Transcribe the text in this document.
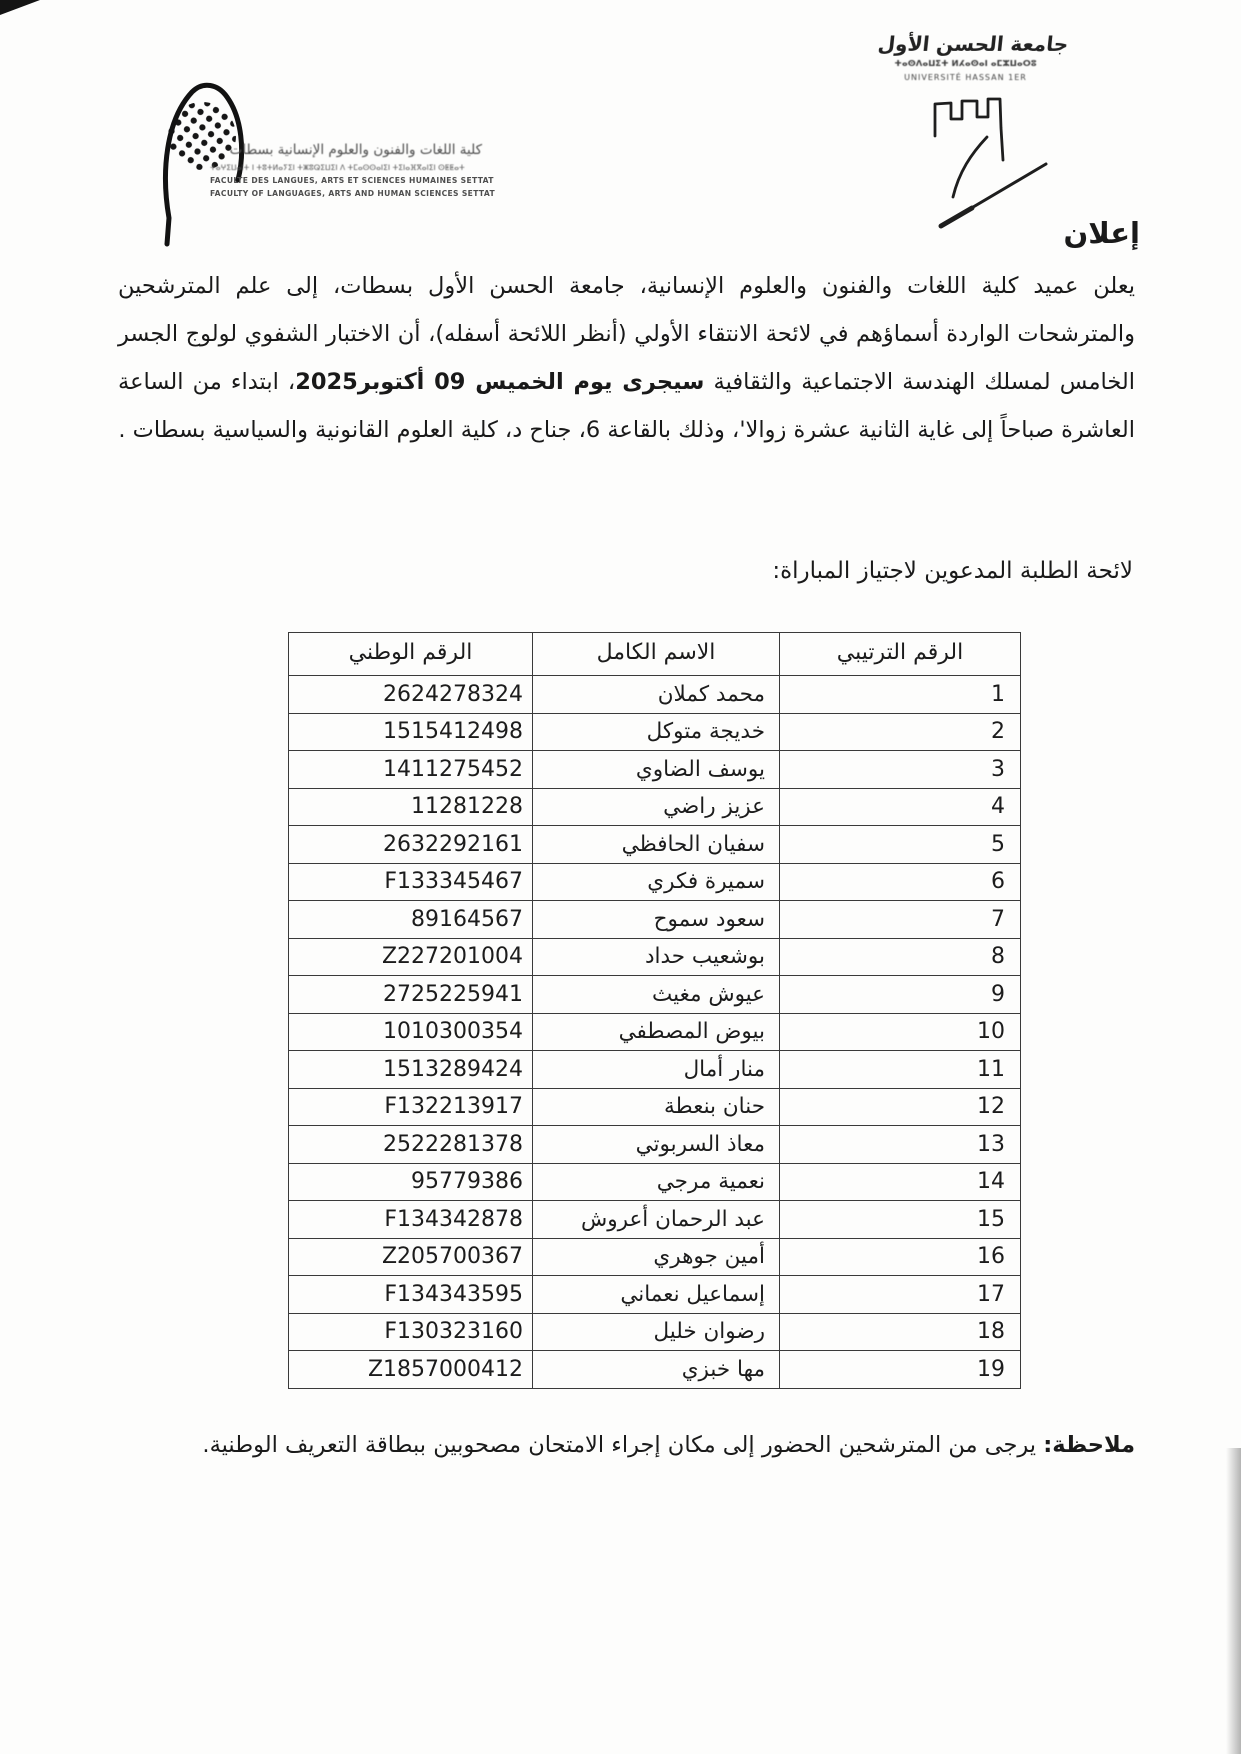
كلية اللغات والفنون والعلوم الإنسانية بسطات
ⵜⴰⵖⵉⵡⴰⵏⵜ ⵏ ⵜⵓⵜⵍⴰⵢⵉⵏ ⵜⵥⵓⵕⵉⵡⵉⵏ ⴷ ⵜⵎⴰⵙⵙⴰⵏⵉⵏ ⵜⵉⵏⴰⴼⴳⴰⵏⵉⵏ ⵙⵟⵟⴰⵜ
FACULTE DES LANGUES, ARTS ET SCIENCES HUMAINES SETTAT
FACULTY OF LANGUAGES, ARTS AND HUMAN SCIENCES SETTAT
جامعة الحسن الأول
ⵜⴰⵙⴷⴰⵡⵉⵜ ⵍⵃⴰⵙⴰⵏ ⴰⵎⵣⵡⴰⵔⵓ
UNIVERSITÉ HASSAN 1ER
إعلان

يعلن عميد كلية اللغات والفنون والعلوم الإنسانية، جامعة الحسن الأول بسطات، إلى علم المترشحين والمترشحات الواردة أسماؤهم في لائحة الانتقاء الأولي (أنظر اللائحة أسفله)، أن الاختبار الشفوي لولوج الجسر الخامس لمسلك الهندسة الاجتماعية والثقافية سيجرى يوم الخميس 09 أكتوبر2025، ابتداء من الساعة العاشرة صباحاً إلى غاية الثانية عشرة زوالا'، وذلك بالقاعة 6، جناح د، كلية العلوم القانونية والسياسية بسطات .

لائحة الطلبة المدعوين لاجتياز المباراة:
الرقم الترتيبي	الاسم الكامل	الرقم الوطني
1	محمد كملان	2624278324
2	خديجة متوكل	1515412498
3	يوسف الضاوي	1411275452
4	عزيز راضي	11281228
5	سفيان الحافظي	2632292161
6	سميرة فكري	F133345467
7	سعود سموح	89164567
8	بوشعيب حداد	Z227201004
9	عيوش مغيث	2725225941
10	بيوض المصطفي	1010300354
11	منار أمال	1513289424
12	حنان بنعطة	F132213917
13	معاذ السربوتي	2522281378
14	نعمية مرجي	95779386
15	عبد الرحمان أعروش	F134342878
16	أمين جوهري	Z205700367
17	إسماعيل نعماني	F134343595
18	رضوان خليل	F130323160
19	مها خبزي	Z1857000412
ملاحظة: يرجى من المترشحين الحضور إلى مكان إجراء الامتحان مصحوبين ببطاقة التعريف الوطنية.
